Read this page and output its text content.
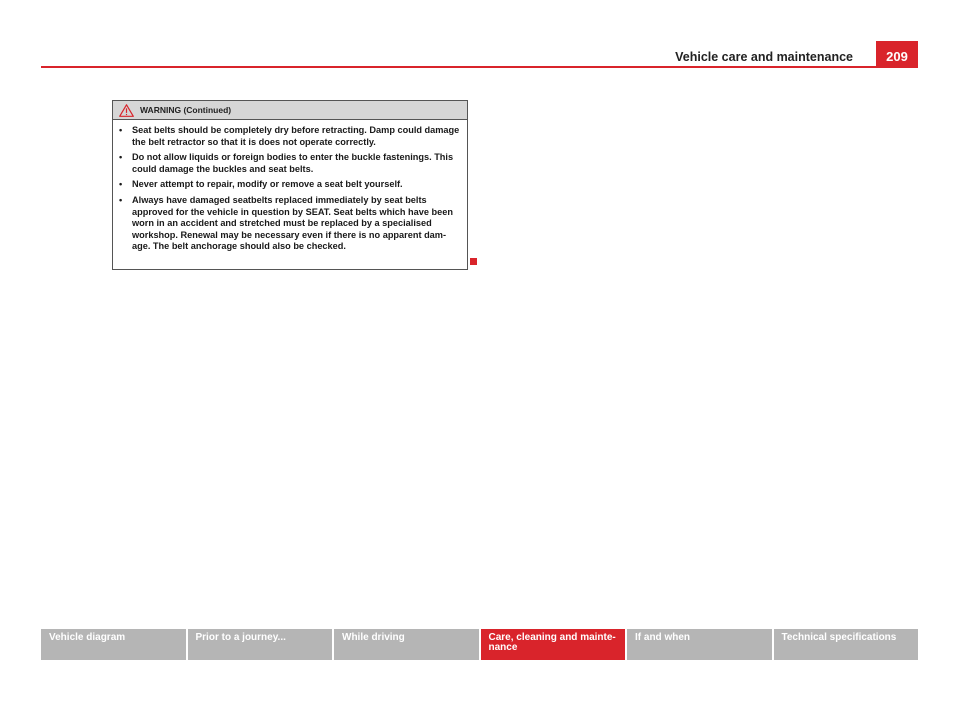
Vehicle care and maintenance	209
WARNING (Continued)
•	Seat belts should be completely dry before retracting. Damp could damage the belt retractor so that it is does not operate correctly.
•	Do not allow liquids or foreign bodies to enter the buckle fastenings. This could damage the buckles and seat belts.
•	Never attempt to repair, modify or remove a seat belt yourself.
•	Always have damaged seatbelts replaced immediately by seat belts approved for the vehicle in question by SEAT. Seat belts which have been worn in an accident and stretched must be replaced by a specialised workshop. Renewal may be necessary even if there is no apparent dam-age. The belt anchorage should also be checked.
Vehicle diagram	Prior to a journey...	While driving	Care, cleaning and mainte-nance
If and when	Technical specifications
